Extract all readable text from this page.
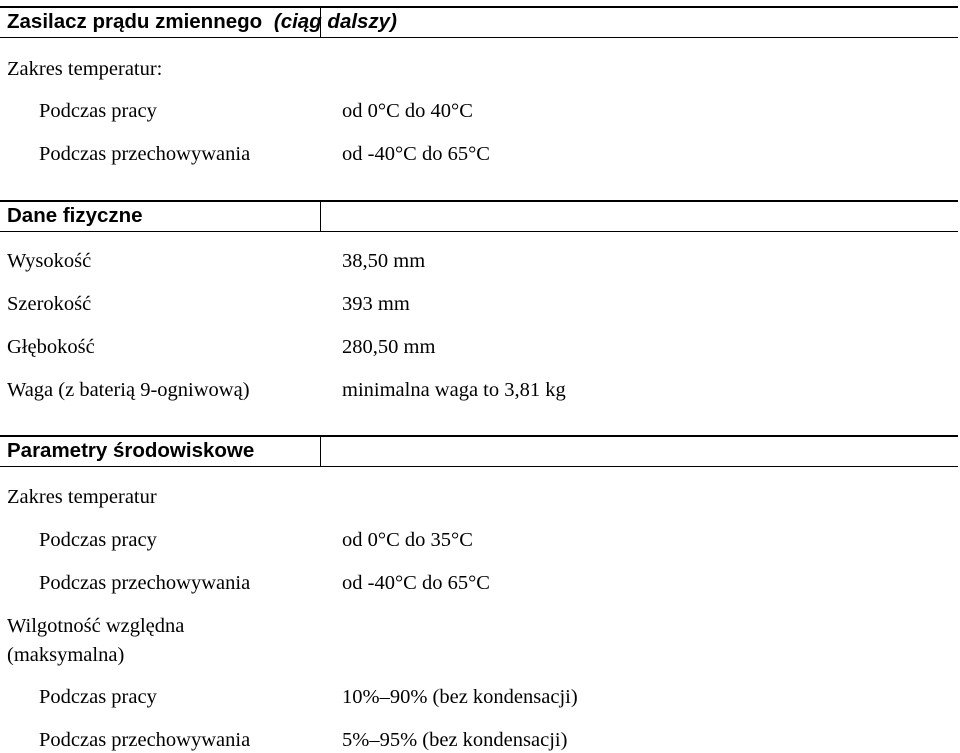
Zasilacz prądu zmiennego (ciąg dalszy)
Zakres temperatur:
Podczas pracy	od 0°C do 40°C
Podczas przechowywania	od -40°C do 65°C
Dane fizyczne
Wysokość	38,50 mm
Szerokość	393 mm
Głębokość	280,50 mm
Waga (z baterią 9-ogniwową)	minimalna waga to 3,81 kg
Parametry środowiskowe
Zakres temperatur
Podczas pracy	od 0°C do 35°C
Podczas przechowywania	od -40°C do 65°C
Wilgotność względna
(maksymalna)
Podczas pracy	10%–90% (bez kondensacji)
Podczas przechowywania	5%–95% (bez kondensacji)
